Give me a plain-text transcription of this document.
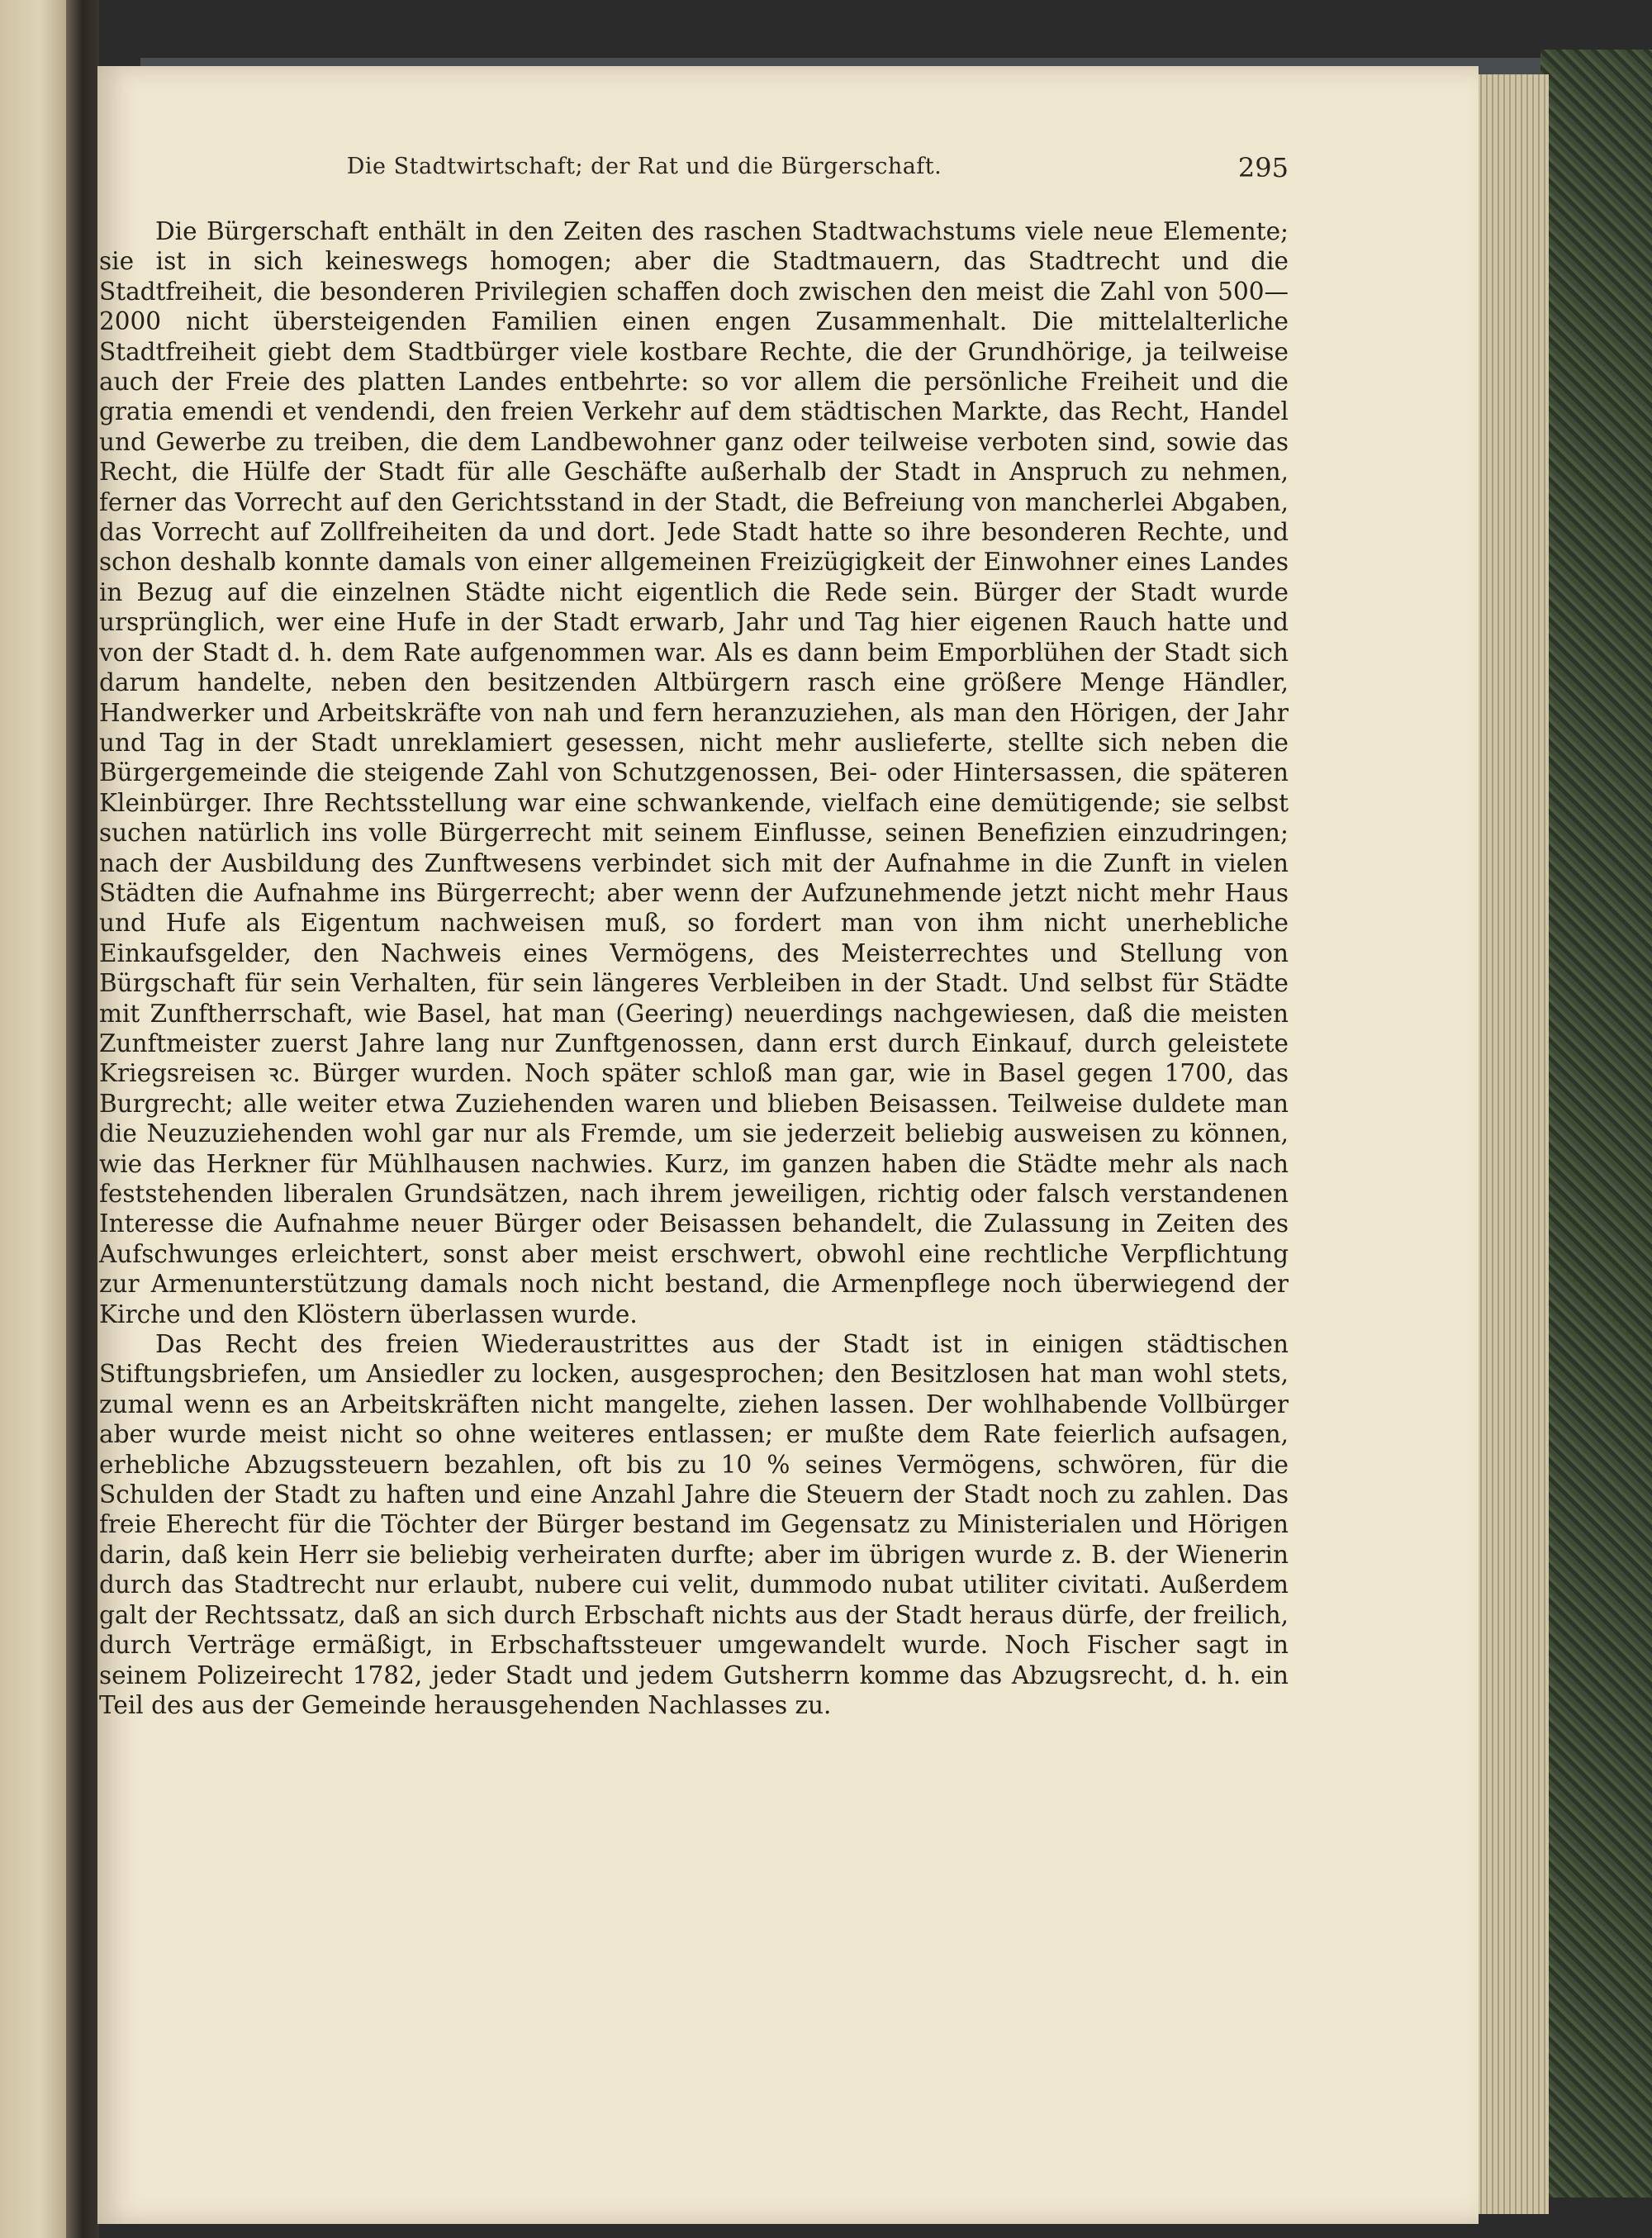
Die Stadtwirtschaft; der Rat und die Bürgerschaft.	295

Die Bürgerschaft enthält in den Zeiten des raschen Stadtwachstums viele neue Elemente; sie ist in sich keineswegs homogen; aber die Stadtmauern, das Stadtrecht und die Stadtfreiheit, die besonderen Privilegien schaffen doch zwischen den meist die Zahl von 500—2000 nicht übersteigenden Familien einen engen Zusammenhalt. Die mittelalterliche Stadtfreiheit giebt dem Stadtbürger viele kostbare Rechte, die der Grundhörige, ja teilweise auch der Freie des platten Landes entbehrte: so vor allem die persönliche Freiheit und die gratia emendi et vendendi, den freien Verkehr auf dem städtischen Markte, das Recht, Handel und Gewerbe zu treiben, die dem Landbewohner ganz oder teilweise verboten sind, sowie das Recht, die Hülfe der Stadt für alle Geschäfte außerhalb der Stadt in Anspruch zu nehmen, ferner das Vorrecht auf den Gerichtsstand in der Stadt, die Befreiung von mancherlei Abgaben, das Vorrecht auf Zollfreiheiten da und dort. Jede Stadt hatte so ihre besonderen Rechte, und schon deshalb konnte damals von einer allgemeinen Freizügigkeit der Einwohner eines Landes in Bezug auf die einzelnen Städte nicht eigentlich die Rede sein. Bürger der Stadt wurde ursprünglich, wer eine Hufe in der Stadt erwarb, Jahr und Tag hier eigenen Rauch hatte und von der Stadt d. h. dem Rate aufgenommen war. Als es dann beim Emporblühen der Stadt sich darum handelte, neben den besitzenden Altbürgern rasch eine größere Menge Händler, Handwerker und Arbeitskräfte von nah und fern heranzuziehen, als man den Hörigen, der Jahr und Tag in der Stadt unreklamiert gesessen, nicht mehr auslieferte, stellte sich neben die Bürgergemeinde die steigende Zahl von Schutzgenossen, Bei- oder Hintersassen, die späteren Kleinbürger. Ihre Rechtsstellung war eine schwankende, vielfach eine demütigende; sie selbst suchen natürlich ins volle Bürgerrecht mit seinem Einflusse, seinen Benefizien einzudringen; nach der Ausbildung des Zunftwesens verbindet sich mit der Aufnahme in die Zunft in vielen Städten die Aufnahme ins Bürgerrecht; aber wenn der Aufzunehmende jetzt nicht mehr Haus und Hufe als Eigentum nachweisen muß, so fordert man von ihm nicht unerhebliche Einkaufsgelder, den Nachweis eines Vermögens, des Meisterrechtes und Stellung von Bürgschaft für sein Verhalten, für sein längeres Verbleiben in der Stadt. Und selbst für Städte mit Zunftherrschaft, wie Basel, hat man (Geering) neuerdings nachgewiesen, daß die meisten Zunftmeister zuerst Jahre lang nur Zunftgenossen, dann erst durch Einkauf, durch geleistete Kriegsreisen ꝛc. Bürger wurden. Noch später schloß man gar, wie in Basel gegen 1700, das Burgrecht; alle weiter etwa Zuziehenden waren und blieben Beisassen. Teilweise duldete man die Neuzuziehenden wohl gar nur als Fremde, um sie jederzeit beliebig ausweisen zu können, wie das Herkner für Mühlhausen nachwies. Kurz, im ganzen haben die Städte mehr als nach feststehenden liberalen Grundsätzen, nach ihrem jeweiligen, richtig oder falsch verstandenen Interesse die Aufnahme neuer Bürger oder Beisassen behandelt, die Zulassung in Zeiten des Aufschwunges erleichtert, sonst aber meist erschwert, obwohl eine rechtliche Verpflichtung zur Armenunterstützung damals noch nicht bestand, die Armenpflege noch überwiegend der Kirche und den Klöstern überlassen wurde.

Das Recht des freien Wiederaustrittes aus der Stadt ist in einigen städtischen Stiftungsbriefen, um Ansiedler zu locken, ausgesprochen; den Besitzlosen hat man wohl stets, zumal wenn es an Arbeitskräften nicht mangelte, ziehen lassen. Der wohlhabende Vollbürger aber wurde meist nicht so ohne weiteres entlassen; er mußte dem Rate feierlich aufsagen, erhebliche Abzugssteuern bezahlen, oft bis zu 10 % seines Vermögens, schwören, für die Schulden der Stadt zu haften und eine Anzahl Jahre die Steuern der Stadt noch zu zahlen. Das freie Eherecht für die Töchter der Bürger bestand im Gegensatz zu Ministerialen und Hörigen darin, daß kein Herr sie beliebig verheiraten durfte; aber im übrigen wurde z. B. der Wienerin durch das Stadtrecht nur erlaubt, nubere cui velit, dummodo nubat utiliter civitati. Außerdem galt der Rechtssatz, daß an sich durch Erbschaft nichts aus der Stadt heraus dürfe, der freilich, durch Verträge ermäßigt, in Erbschaftssteuer umgewandelt wurde. Noch Fischer sagt in seinem Polizeirecht 1782, jeder Stadt und jedem Gutsherrn komme das Abzugsrecht, d. h. ein Teil des aus der Gemeinde herausgehenden Nachlasses zu.
